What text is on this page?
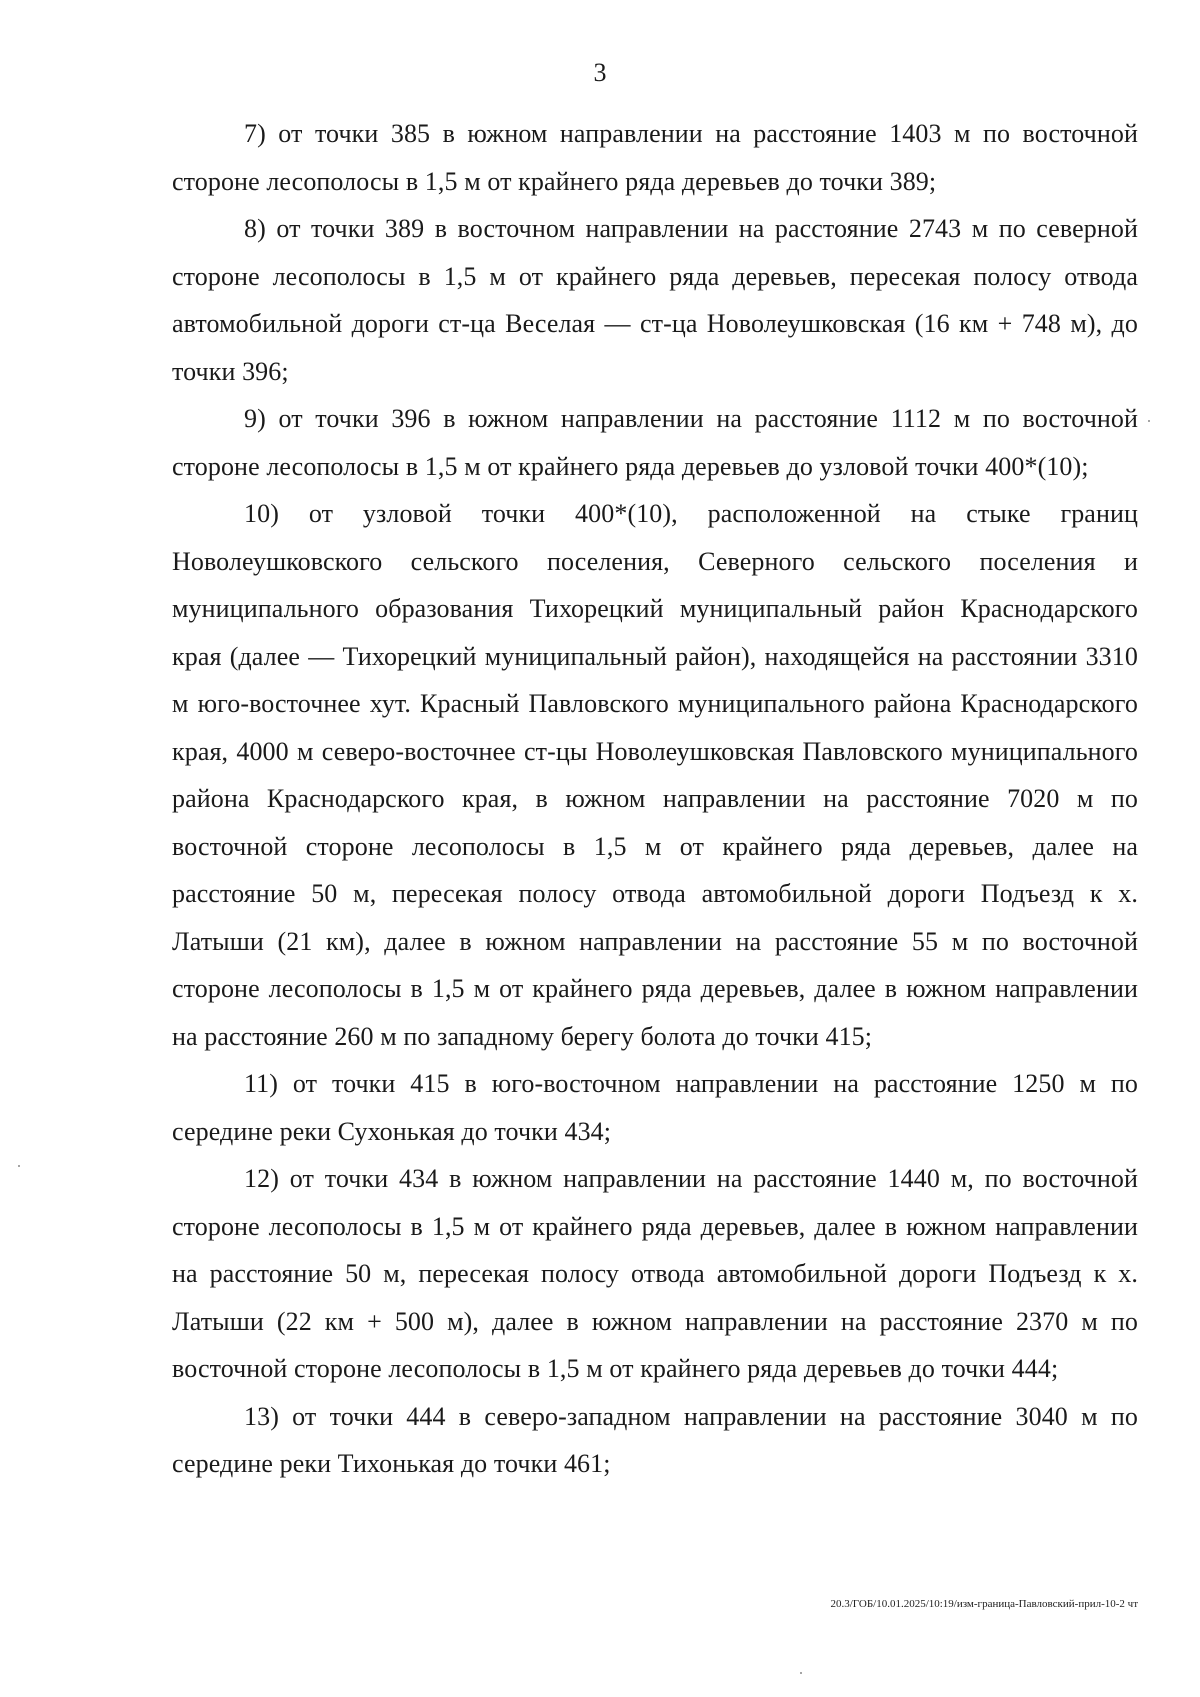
3

7) от точки 385 в южном направлении на расстояние 1403 м по восточной стороне лесополосы в 1,5 м от крайнего ряда деревьев до точки 389;

8) от точки 389 в восточном направлении на расстояние 2743 м по северной стороне лесополосы в 1,5 м от крайнего ряда деревьев, пересекая полосу отвода автомобильной дороги ст-ца Веселая — ст-ца Новолеушковская (16 км + 748 м), до точки 396;

9) от точки 396 в южном направлении на расстояние 1112 м по восточной стороне лесополосы в 1,5 м от крайнего ряда деревьев до узловой точки 400*(10);

10) от узловой точки 400*(10), расположенной на стыке границ Новолеушковского сельского поселения, Северного сельского поселения и муниципального образования Тихорецкий муниципальный район Краснодарского края (далее — Тихорецкий муниципальный район), находящейся на расстоянии 3310 м юго-восточнее хут. Красный Павловского муниципального района Краснодарского края, 4000 м северо-восточнее ст-цы Новолеушковская Павловского муниципального района Краснодарского края, в южном направлении на расстояние 7020 м по восточной стороне лесополосы в 1,5 м от крайнего ряда деревьев, далее на расстояние 50 м, пересекая полосу отвода автомобильной дороги Подъезд к х. Латыши (21 км), далее в южном направлении на расстояние 55 м по восточной стороне лесополосы в 1,5 м от крайнего ряда деревьев, далее в южном направлении на расстояние 260 м по западному берегу болота до точки 415;

11) от точки 415 в юго-восточном направлении на расстояние 1250 м по середине реки Сухонькая до точки 434;

12) от точки 434 в южном направлении на расстояние 1440 м, по восточной стороне лесополосы в 1,5 м от крайнего ряда деревьев, далее в южном направлении на расстояние 50 м, пересекая полосу отвода автомобильной дороги Подъезд к х. Латыши (22 км + 500 м), далее в южном направлении на расстояние 2370 м по восточной стороне лесополосы в 1,5 м от крайнего ряда деревьев до точки 444;

13) от точки 444 в северо-западном направлении на расстояние 3040 м по середине реки Тихонькая до точки 461;

20.3/ГОБ/10.01.2025/10:19/изм-граница-Павловский-прил-10-2 чт
